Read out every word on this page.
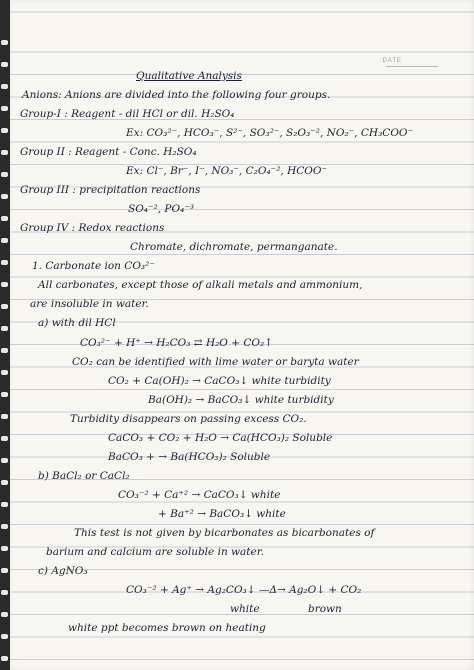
DATE
Qualitative Analysis
Anions: Anions are divided into the following four groups.
Group-I : Reagent - dil HCl or dil. H₂SO₄
Ex: CO₃²⁻, HCO₃⁻, S²⁻, SO₃²⁻, S₂O₃⁻², NO₂⁻, CH₃COO⁻
Group II : Reagent - Conc. H₂SO₄
Ex: Cl⁻, Br⁻, I⁻, NO₃⁻, C₂O₄⁻², HCOO⁻
Group III : precipitation reactions
SO₄⁻², PO₄⁻³
Group IV : Redox reactions
Chromate, dichromate, permanganate.
1. Carbonate ion CO₃²⁻
All carbonates, except those of alkali metals and ammonium,
are insoluble in water.
a) with dil HCl
CO₃²⁻ + H⁺ → H₂CO₃ ⇄ H₂O + CO₂↑
CO₂ can be identified with lime water or baryta water
CO₂ + Ca(OH)₂ → CaCO₃↓ white turbidity
Ba(OH)₂ → BaCO₃↓ white turbidity
Turbidity disappears on passing excess CO₂.
CaCO₃ + CO₂ + H₂O → Ca(HCO₃)₂ Soluble
BaCO₃ + → Ba(HCO₃)₂ Soluble
b) BaCl₂ or CaCl₂
CO₃⁻² + Ca⁺² → CaCO₃↓ white
+ Ba⁺² → BaCO₃↓ white
This test is not given by bicarbonates as bicarbonates of
barium and calcium are soluble in water.
c) AgNO₃
CO₃⁻² + Ag⁺ → Ag₂CO₃↓ —Δ→ Ag₂O↓ + CO₂
white	brown
white ppt becomes brown on heating
